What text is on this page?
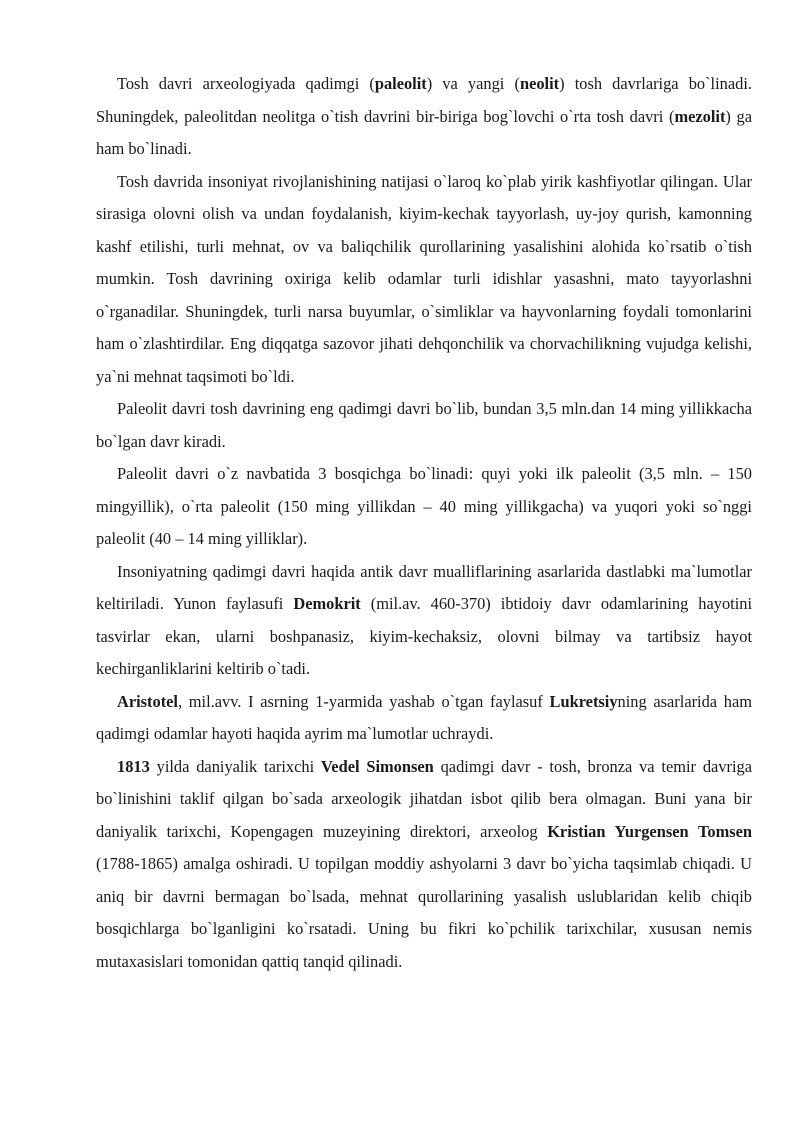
Tosh davri arxeologiyada qadimgi (paleolit) va yangi (neolit) tosh davrlariga bo`linadi. Shuningdek, paleolitdan neolitga o`tish davrini bir-biriga bog`lovchi o`rta tosh davri (mezolit) ga ham bo`linadi.

Tosh davrida insoniyat rivojlanishining natijasi o`laroq ko`plab yirik kashfiyotlar qilingan. Ular sirasiga olovni olish va undan foydalanish, kiyim-kechak tayyorlash, uy-joy qurish, kamonning kashf etilishi, turli mehnat, ov va baliqchilik qurollarining yasalishini alohida ko`rsatib o`tish mumkin. Tosh davrining oxiriga kelib odamlar turli idishlar yasashni, mato tayyorlashni o`rganadilar. Shuningdek, turli narsa buyumlar, o`simliklar va hayvonlarning foydali tomonlarini ham o`zlashtirdilar. Eng diqqatga sazovor jihati dehqonchilik va chorvachilikning vujudga kelishi, ya`ni mehnat taqsimoti bo`ldi.

Paleolit davri tosh davrining eng qadimgi davri bo`lib, bundan 3,5 mln.dan 14 ming yillikkacha bo`lgan davr kiradi.

Paleolit davri o`z navbatida 3 bosqichga bo`linadi: quyi yoki ilk paleolit (3,5 mln. – 150 mingyillik), o`rta paleolit (150 ming yillikdan – 40 ming yillikgacha) va yuqori yoki so`nggi paleolit (40 – 14 ming yilliklar).

Insoniyatning qadimgi davri haqida antik davr mualliflarining asarlarida dastlabki ma`lumotlar keltiriladi. Yunon faylasufi Demokrit (mil.av. 460-370) ibtidoiy davr odamlarining hayotini tasvirlar ekan, ularni boshpanasiz, kiyim-kechaksiz, olovni bilmay va tartibsiz hayot kechirganliklarini keltirib o`tadi.

Aristotel, mil.avv. I asrning 1-yarmida yashab o`tgan faylasuf Lukretsiyning asarlarida ham qadimgi odamlar hayoti haqida ayrim ma`lumotlar uchraydi.

1813 yilda daniyalik tarixchi Vedel Simonsen qadimgi davr - tosh, bronza va temir davriga bo`linishini taklif qilgan bo`sada arxeologik jihatdan isbot qilib bera olmagan. Buni yana bir daniyalik tarixchi, Kopengagen muzeyining direktori, arxeolog Kristian Yurgensen Tomsen (1788-1865) amalga oshiradi. U topilgan moddiy ashyolarni 3 davr bo`yicha taqsimlab chiqadi. U aniq bir davrni bermagan bo`lsada, mehnat qurollarining yasalish uslublaridan kelib chiqib bosqichlarga bo`lganligini ko`rsatadi. Uning bu fikri ko`pchilik tarixchilar, xususan nemis mutaxasislari tomonidan qattiq tanqid qilinadi.
